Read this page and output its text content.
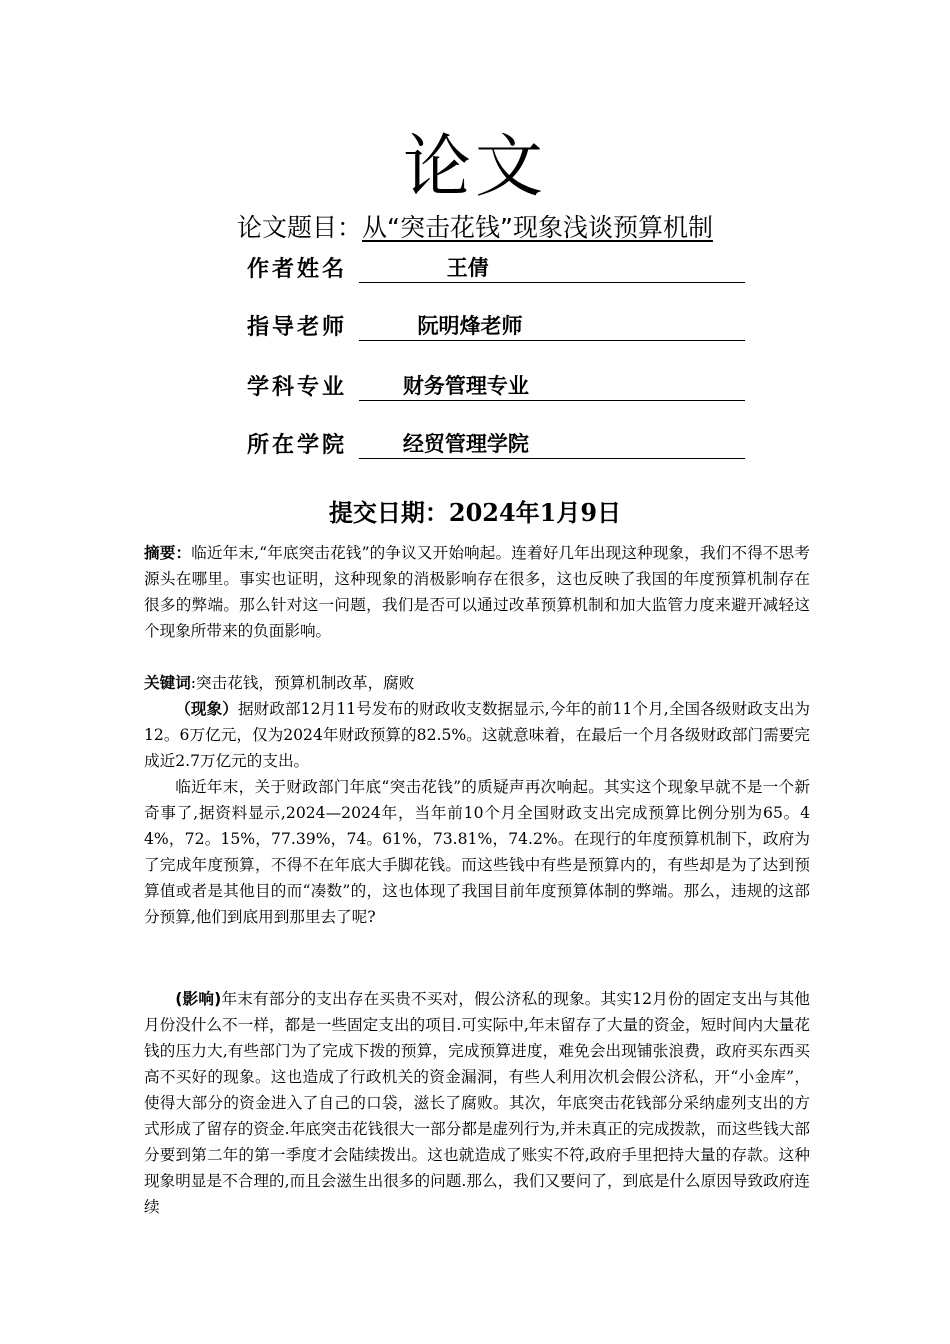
论文
论文题目：从“突击花钱”现象浅谈预算机制
作者姓名 王倩
指导老师 阮明烽老师
学科专业 财务管理专业
所在学院 经贸管理学院
提交日期：2024年1月9日
摘要：临近年末,“年底突击花钱”的争议又开始响起。连着好几年出现这种现象，我们不得不思考源头在哪里。事实也证明，这种现象的消极影响存在很多，这也反映了我国的年度预算机制存在很多的弊端。那么针对这一问题，我们是否可以通过改革预算机制和加大监管力度来避开减轻这个现象所带来的负面影响。
关键词:突击花钱，预算机制改革，腐败
（现象）据财政部12月11号发布的财政收支数据显示,今年的前11个月,全国各级财政支出为12。6万亿元，仅为2024年财政预算的82.5%。这就意味着，在最后一个月各级财政部门需要完成近2.7万亿元的支出。
临近年末，关于财政部门年底“突击花钱”的质疑声再次响起。其实这个现象早就不是一个新奇事了,据资料显示,2024—2024年，当年前10个月全国财政支出完成预算比例分别为65。44%，72。15%，77.39%，74。61%，73.81%，74.2%。在现行的年度预算机制下，政府为了完成年度预算，不得不在年底大手脚花钱。而这些钱中有些是预算内的，有些却是为了达到预算值或者是其他目的而“凑数”的，这也体现了我国目前年度预算体制的弊端。那么，违规的这部分预算,他们到底用到那里去了呢?
(影响)年末有部分的支出存在买贵不买对，假公济私的现象。其实12月份的固定支出与其他月份没什么不一样，都是一些固定支出的项目.可实际中,年末留存了大量的资金，短时间内大量花钱的压力大,有些部门为了完成下拨的预算，完成预算进度，难免会出现铺张浪费，政府买东西买高不买好的现象。这也造成了行政机关的资金漏洞，有些人利用次机会假公济私，开“小金库”，使得大部分的资金进入了自己的口袋，滋长了腐败。其次，年底突击花钱部分采纳虚列支出的方式形成了留存的资金.年底突击花钱很大一部分都是虚列行为,并未真正的完成拨款，而这些钱大部分要到第二年的第一季度才会陆续拨出。这也就造成了账实不符,政府手里把持大量的存款。这种现象明显是不合理的,而且会滋生出很多的问题.那么，我们又要问了，到底是什么原因导致政府连续
